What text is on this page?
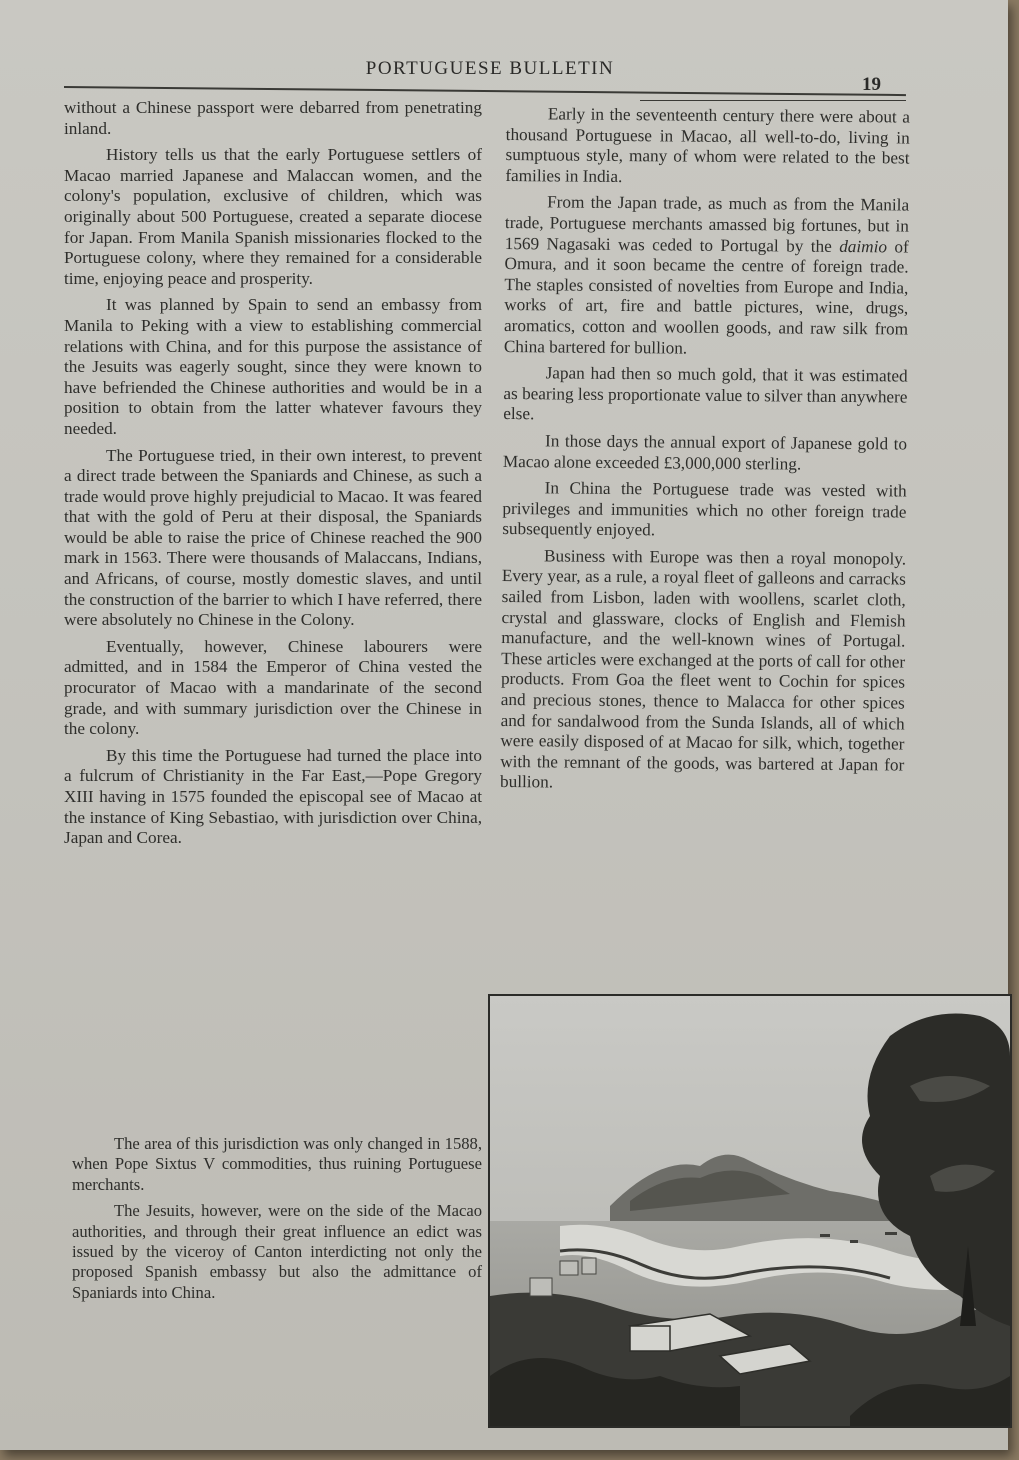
PORTUGUESE BULLETIN
19

without a Chinese passport were debarred from penetrating inland.

History tells us that the early Portuguese settlers of Macao married Japanese and Malaccan women, and the colony's population, exclusive of children, which was originally about 500 Portuguese, created a separate diocese for Japan. From Manila Spanish missionaries flocked to the Portuguese colony, where they remained for a considerable time, enjoying peace and prosperity.

It was planned by Spain to send an embassy from Manila to Peking with a view to establishing commercial relations with China, and for this purpose the assistance of the Jesuits was eagerly sought, since they were known to have befriended the Chinese authorities and would be in a position to obtain from the latter whatever favours they needed.

The Portuguese tried, in their own interest, to prevent a direct trade between the Spaniards and Chinese, as such a trade would prove highly prejudicial to Macao. It was feared that with the gold of Peru at their disposal, the Spaniards would be able to raise the price of Chinese reached the 900 mark in 1563. There were thousands of Malaccans, Indians, and Africans, of course, mostly domestic slaves, and until the construction of the barrier to which I have referred, there were absolutely no Chinese in the Colony.

Eventually, however, Chinese labourers were admitted, and in 1584 the Emperor of China vested the procurator of Macao with a mandarinate of the second grade, and with summary jurisdiction over the Chinese in the colony.

By this time the Portuguese had turned the place into a fulcrum of Christianity in the Far East,—Pope Gregory XIII having in 1575 founded the episcopal see of Macao at the instance of King Sebastiao, with jurisdiction over China, Japan and Corea.

The area of this jurisdiction was only changed in 1588, when Pope Sixtus V commodities, thus ruining Portuguese merchants.

The Jesuits, however, were on the side of the Macao authorities, and through their great influence an edict was issued by the viceroy of Canton interdicting not only the proposed Spanish embassy but also the admittance of Spaniards into China.

Early in the seventeenth century there were about a thousand Portuguese in Macao, all well-to-do, living in sumptuous style, many of whom were related to the best families in India.

From the Japan trade, as much as from the Manila trade, Portuguese merchants amassed big fortunes, but in 1569 Nagasaki was ceded to Portugal by the daimio of Omura, and it soon became the centre of foreign trade. The staples consisted of novelties from Europe and India, works of art, fire and battle pictures, wine, drugs, aromatics, cotton and woollen goods, and raw silk from China bartered for bullion.

Japan had then so much gold, that it was estimated as bearing less proportionate value to silver than anywhere else.

In those days the annual export of Japanese gold to Macao alone exceeded £3,000,000 sterling.

In China the Portuguese trade was vested with privileges and immunities which no other foreign trade subsequently enjoyed.

Business with Europe was then a royal monopoly. Every year, as a rule, a royal fleet of galleons and carracks sailed from Lisbon, laden with woollens, scarlet cloth, crystal and glassware, clocks of English and Flemish manufacture, and the well-known wines of Portugal. These articles were exchanged at the ports of call for other products. From Goa the fleet went to Cochin for spices and precious stones, thence to Malacca for other spices and for sandalwood from the Sunda Islands, all of which were easily disposed of at Macao for silk, which, together with the remnant of the goods, was bartered at Japan for bullion.
